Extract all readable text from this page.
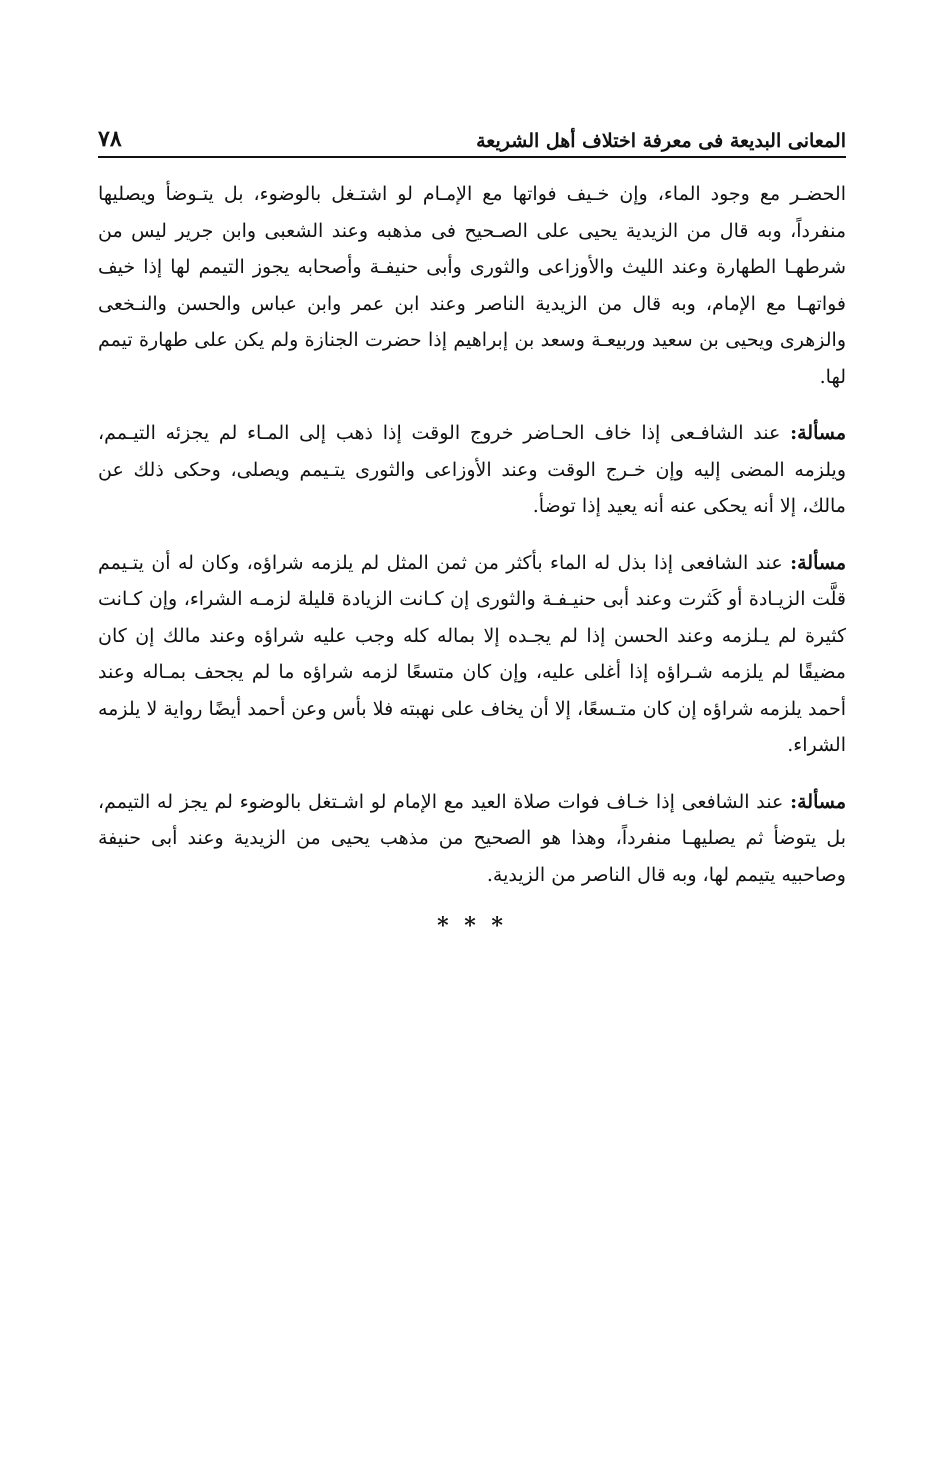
المعانى البديعة فى معرفة اختلاف أهل الشريعة
٧٨

الحضـر مع وجود الماء، وإن خـيف فواتها مع الإمـام لو اشتـغل بالوضوء، بل يتـوضأ ويصليها منفرداً، وبه قال من الزيدية يحيى على الصـحيح فى مذهبه وعند الشعبى وابن جرير ليس من شرطهـا الطهارة وعند الليث والأوزاعى والثورى وأبى حنيفـة وأصحابه يجوز التيمم لها إذا خيف فواتهـا مع الإمام، وبه قال من الزيدية الناصر وعند ابن عمر وابن عباس والحسن والنـخعى والزهرى ويحيى بن سعيد وربيعـة وسعد بن إبراهيم إذا حضرت الجنازة ولم يكن على طهارة تيمم لها.

مسألة: عند الشافـعى إذا خاف الحـاضر خروج الوقت إذا ذهب إلى المـاء لم يجزئه التيـمم، ويلزمه المضى إليه وإن خـرج الوقت وعند الأوزاعى والثورى يتـيمم ويصلى، وحكى ذلك عن مالك، إلا أنه يحكى عنه أنه يعيد إذا توضأ.

مسألة: عند الشافعى إذا بذل له الماء بأكثر من ثمن المثل لم يلزمه شراؤه، وكان له أن يتـيمم قلَّت الزيـادة أو كَثرت وعند أبى حنيـفـة والثورى إن كـانت الزيادة قليلة لزمـه الشراء، وإن كـانت كثيرة لم يـلزمه وعند الحسن إذا لم يجـده إلا بماله كله وجب عليه شراؤه وعند مالك إن كان مضيقًا لم يلزمه شـراؤه إذا أغلى عليه، وإن كان متسعًا لزمه شراؤه ما لم يجحف بمـاله وعند أحمد يلزمه شراؤه إن كان متـسعًا، إلا أن يخاف على نهبته فلا بأس وعن أحمد أيضًا رواية لا يلزمه الشراء.

مسألة: عند الشافعى إذا خـاف فوات صلاة العيد مع الإمام لو اشـتغل بالوضوء لم يجز له التيمم، بل يتوضأ ثم يصليهـا منفرداً، وهذا هو الصحيح من مذهب يحيى من الزيدية وعند أبى حنيفة وصاحبيه يتيمم لها، وبه قال الناصر من الزيدية.

* * *
